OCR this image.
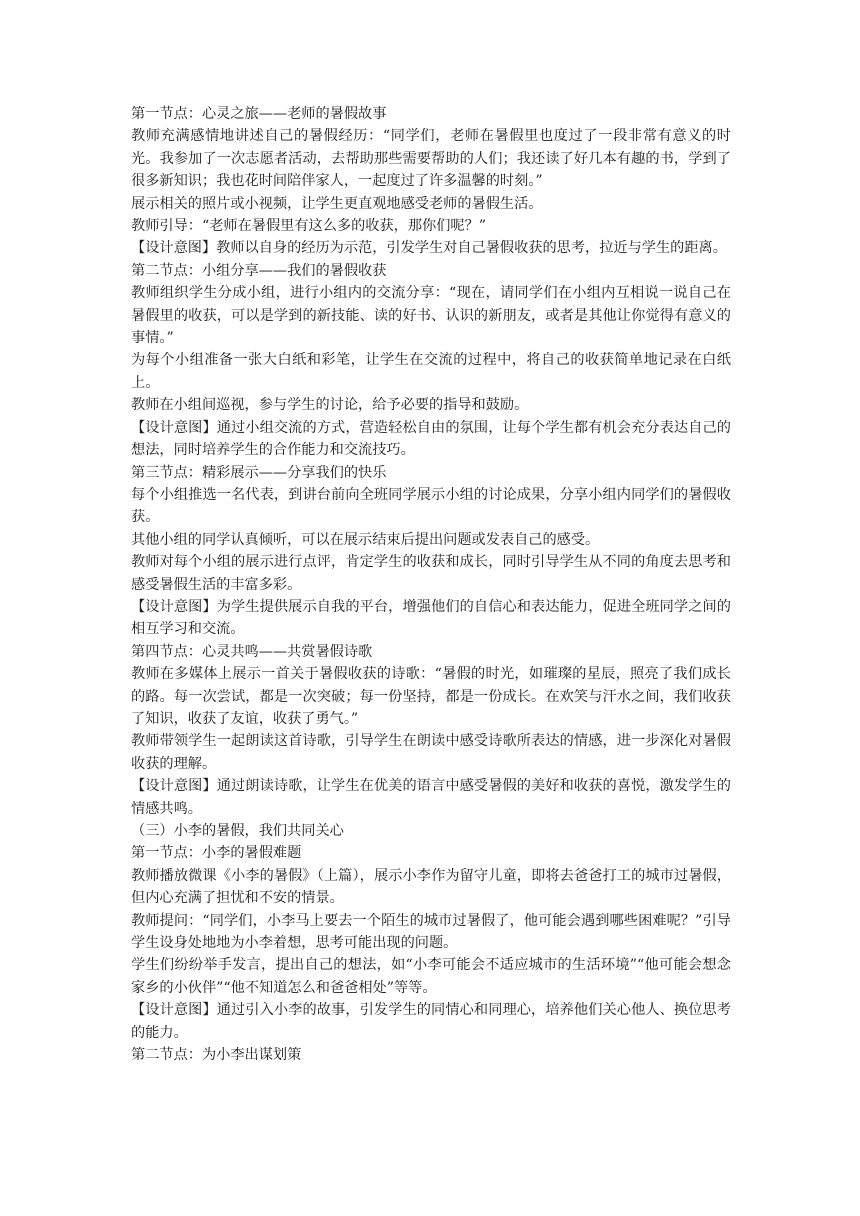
第一节点：心灵之旅——老师的暑假故事

教师充满感情地讲述自己的暑假经历：“同学们，老师在暑假里也度过了一段非常有意义的时光。我参加了一次志愿者活动，去帮助那些需要帮助的人们；我还读了好几本有趣的书，学到了很多新知识；我也花时间陪伴家人，一起度过了许多温馨的时刻。”

展示相关的照片或小视频，让学生更直观地感受老师的暑假生活。

教师引导：“老师在暑假里有这么多的收获，那你们呢？”

【设计意图】教师以自身的经历为示范，引发学生对自己暑假收获的思考，拉近与学生的距离。

第二节点：小组分享——我们的暑假收获

教师组织学生分成小组，进行小组内的交流分享：“现在，请同学们在小组内互相说一说自己在暑假里的收获，可以是学到的新技能、读的好书、认识的新朋友，或者是其他让你觉得有意义的事情。”

为每个小组准备一张大白纸和彩笔，让学生在交流的过程中，将自己的收获简单地记录在白纸上。

教师在小组间巡视，参与学生的讨论，给予必要的指导和鼓励。

【设计意图】通过小组交流的方式，营造轻松自由的氛围，让每个学生都有机会充分表达自己的想法，同时培养学生的合作能力和交流技巧。

第三节点：精彩展示——分享我们的快乐

每个小组推选一名代表，到讲台前向全班同学展示小组的讨论成果，分享小组内同学们的暑假收获。

其他小组的同学认真倾听，可以在展示结束后提出问题或发表自己的感受。

教师对每个小组的展示进行点评，肯定学生的收获和成长，同时引导学生从不同的角度去思考和感受暑假生活的丰富多彩。

【设计意图】为学生提供展示自我的平台，增强他们的自信心和表达能力，促进全班同学之间的相互学习和交流。

第四节点：心灵共鸣——共赏暑假诗歌

教师在多媒体上展示一首关于暑假收获的诗歌：“暑假的时光，如璀璨的星辰，照亮了我们成长的路。每一次尝试，都是一次突破；每一份坚持，都是一份成长。在欢笑与汗水之间，我们收获了知识，收获了友谊，收获了勇气。”

教师带领学生一起朗读这首诗歌，引导学生在朗读中感受诗歌所表达的情感，进一步深化对暑假收获的理解。

【设计意图】通过朗读诗歌，让学生在优美的语言中感受暑假的美好和收获的喜悦，激发学生的情感共鸣。

（三）小李的暑假，我们共同关心

第一节点：小李的暑假难题

教师播放微课《小李的暑假》（上篇），展示小李作为留守儿童，即将去爸爸打工的城市过暑假，但内心充满了担忧和不安的情景。

教师提问：“同学们，小李马上要去一个陌生的城市过暑假了，他可能会遇到哪些困难呢？”引导学生设身处地地为小李着想，思考可能出现的问题。

学生们纷纷举手发言，提出自己的想法，如“小李可能会不适应城市的生活环境”“他可能会想念家乡的小伙伴”“他不知道怎么和爸爸相处”等等。

【设计意图】通过引入小李的故事，引发学生的同情心和同理心，培养他们关心他人、换位思考的能力。

第二节点：为小李出谋划策
